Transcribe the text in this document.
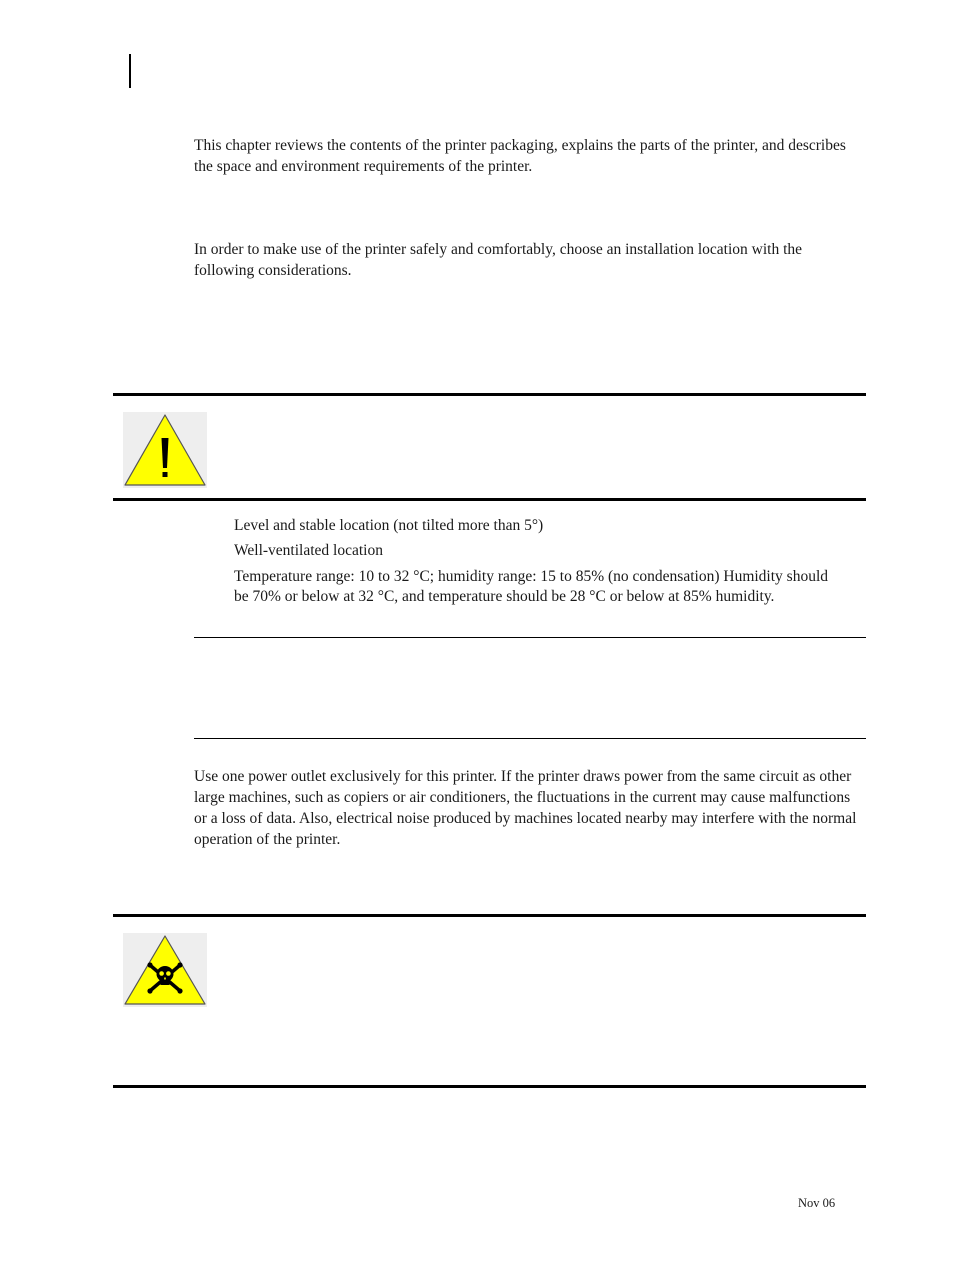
This chapter reviews the contents of the printer packaging, explains the parts of the printer, and describes the space and environment requirements of the printer.

In order to make use of the printer safely and comfortably, choose an installation location with the following considerations.

Level and stable location (not tilted more than 5°)
Well-ventilated location
Temperature range: 10 to 32 °C; humidity range: 15 to 85% (no condensation) Humidity should be 70% or below at 32 °C, and temperature should be 28 °C or below at 85% humidity.

Use one power outlet exclusively for this printer. If the printer draws power from the same circuit as other large machines, such as copiers or air conditioners, the fluctuations in the current may cause malfunctions or a loss of data. Also, electrical noise produced by machines located nearby may interfere with the normal operation of the printer.

Nov 06
